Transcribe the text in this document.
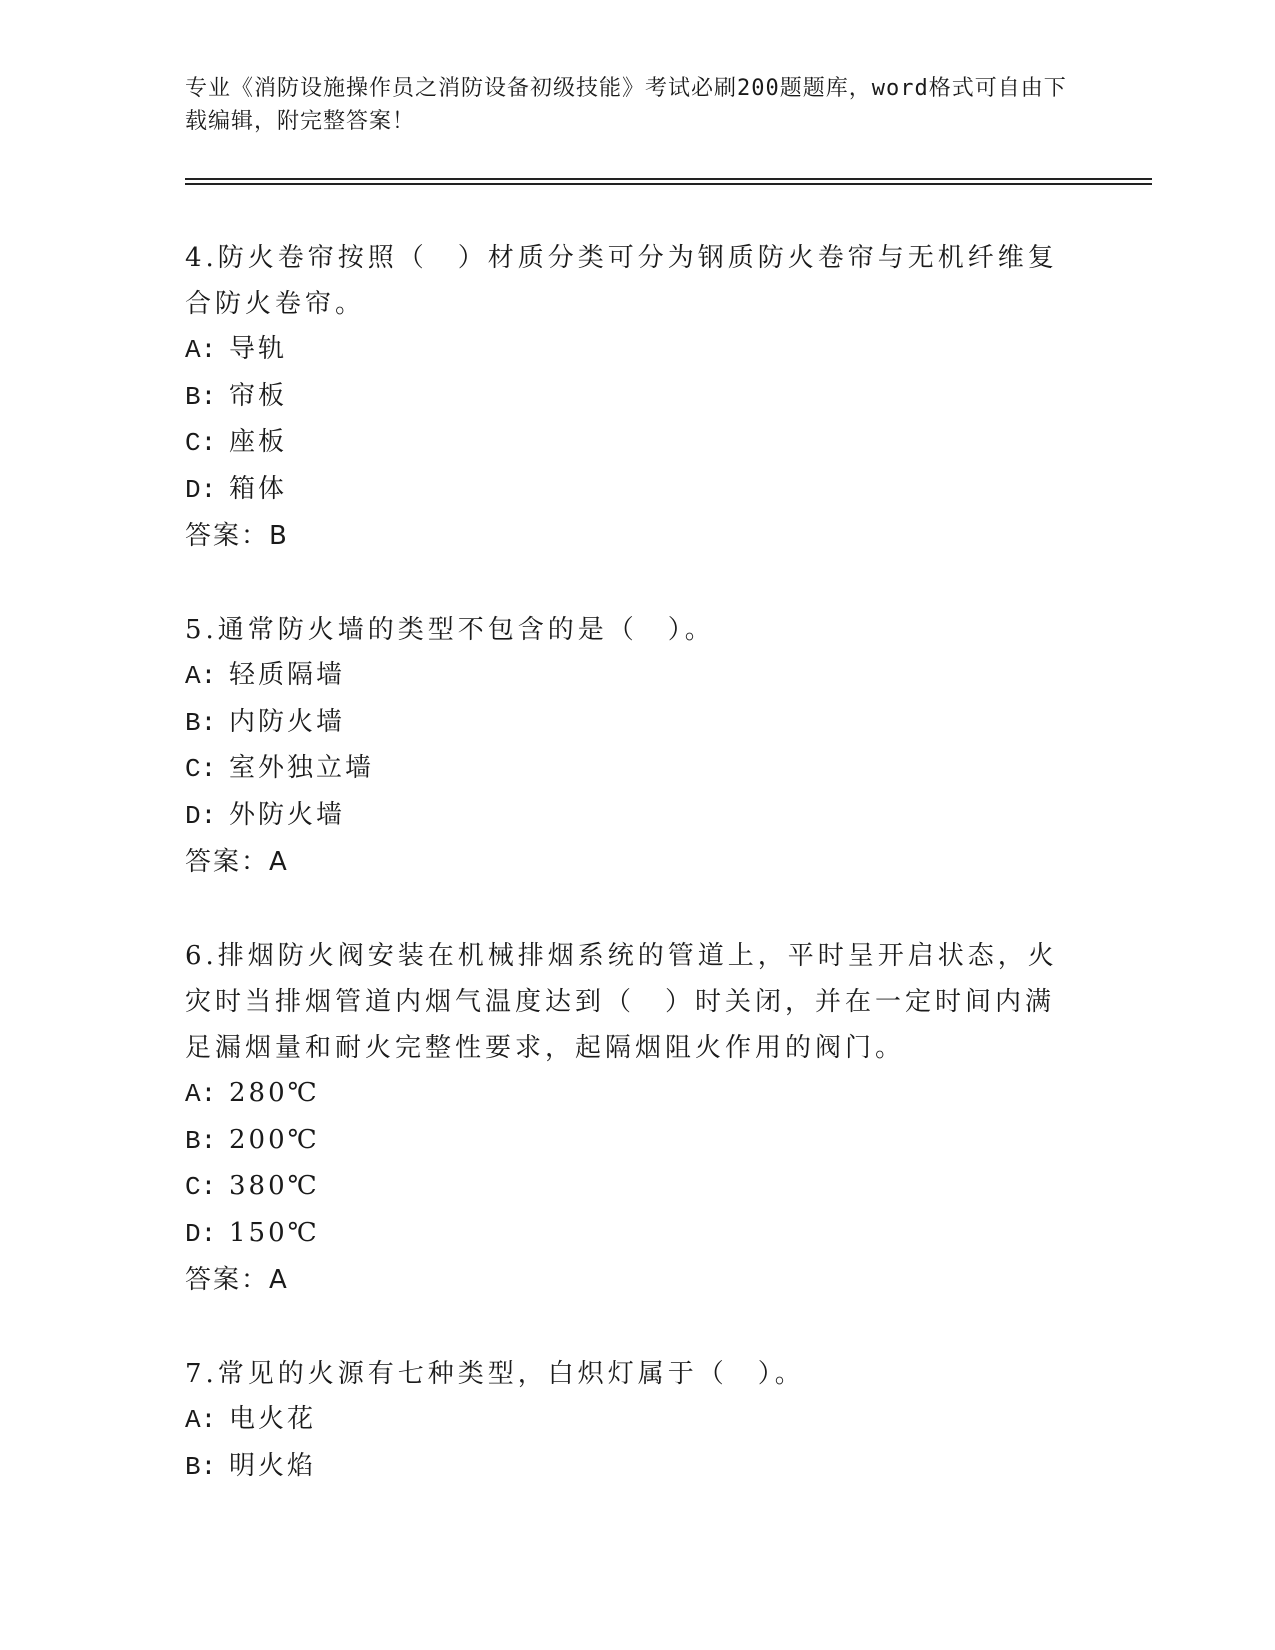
专业《消防设施操作员之消防设备初级技能》考试必刷200题题库，word格式可自由下载编辑，附完整答案！

4.防火卷帘按照（　）材质分类可分为钢质防火卷帘与无机纤维复合防火卷帘。

A: 导轨

B: 帘板

C: 座板

D: 箱体

答案：B

5.通常防火墙的类型不包含的是（　）。

A: 轻质隔墙

B: 内防火墙

C: 室外独立墙

D: 外防火墙

答案：A

6.排烟防火阀安装在机械排烟系统的管道上，平时呈开启状态，火灾时当排烟管道内烟气温度达到（　）时关闭，并在一定时间内满足漏烟量和耐火完整性要求，起隔烟阻火作用的阀门。

A: 280℃

B: 200℃

C: 380℃

D: 150℃

答案：A

7.常见的火源有七种类型，白炽灯属于（　）。

A: 电火花

B: 明火焰
